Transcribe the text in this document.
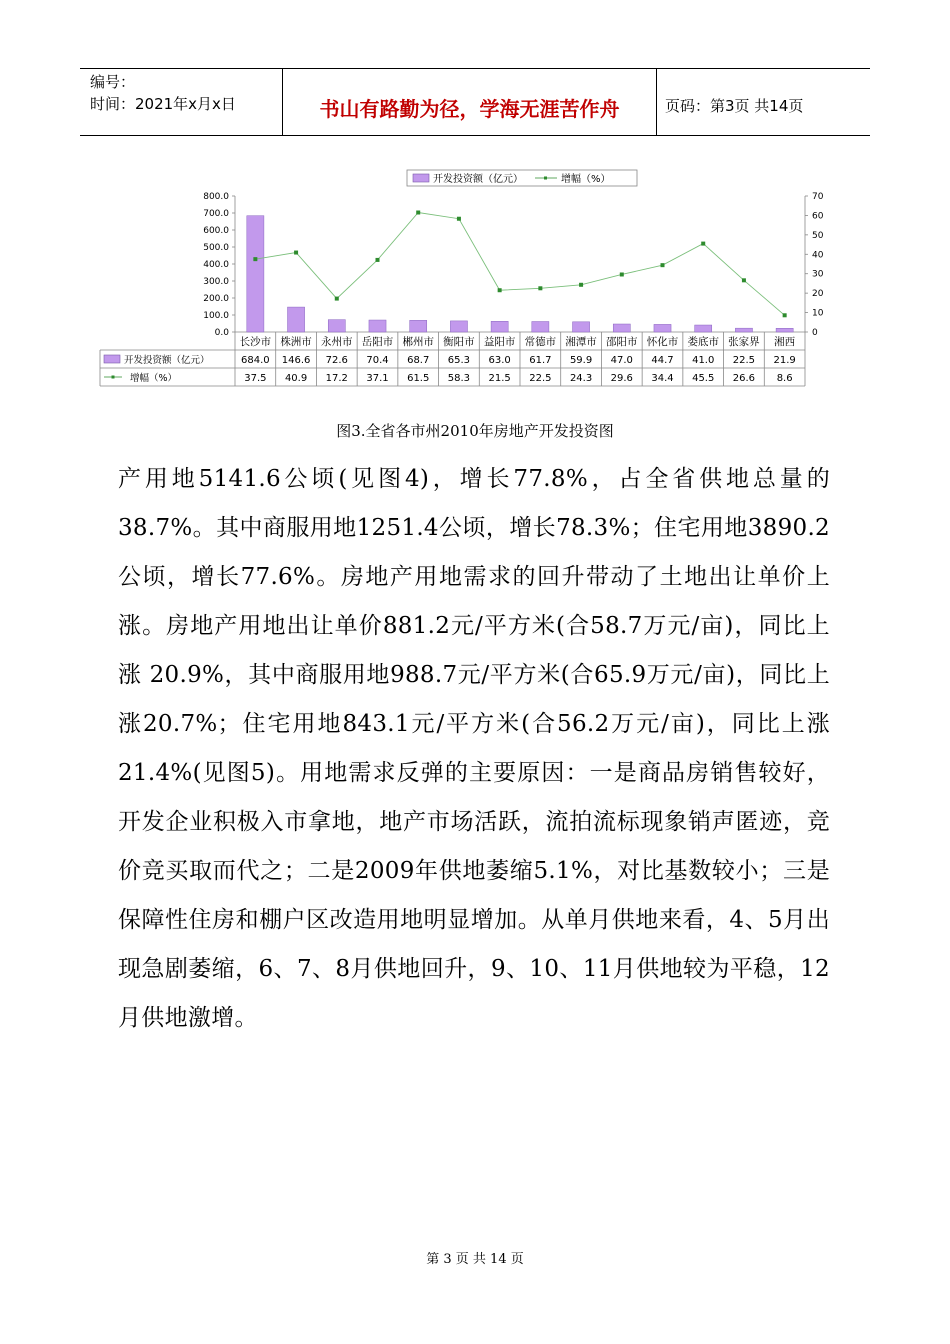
编号：
时间：2021年x月x日	书山有路勤为径，学海无涯苦作舟	页码：第3页 共14页
开发投资额（亿元）	增幅（%）
0.0
100.0
200.0
300.0
400.0
500.0
600.0
700.0
800.0
0
10
20
30
40
50
60
70
长沙市 株洲市 永州市 岳阳市 郴州市 衡阳市 益阳市 常德市 湘潭市 邵阳市 怀化市 娄底市 张家界 湘西
开发投资额（亿元）
增幅（%）
684.0 146.6 72.6 70.4 68.7 65.3 63.0 61.7 59.9 47.0 44.7 41.0 22.5 21.9
37.5 40.9 17.2 37.1 61.5 58.3 21.5 22.5 24.3 29.6 34.4 45.5 26.6 8.6
图3.全省各市州2010年房地产开发投资图

产用地5141.6公顷(见图4)，增长77.8%，占全省供地总量的38.7%。其中商服用地1251.4公顷，增长78.3%；住宅用地3890.2公顷，增长77.6%。房地产用地需求的回升带动了土地出让单价上涨。房地产用地出让单价881.2元/平方米(合58.7万元/亩)，同比上涨 20.9%，其中商服用地988.7元/平方米(合65.9万元/亩)，同比上涨20.7%；住宅用地843.1元/平方米(合56.2万元/亩)，同比上涨21.4%(见图5)。用地需求反弹的主要原因：一是商品房销售较好，开发企业积极入市拿地，地产市场活跃，流拍流标现象销声匿迹，竞价竞买取而代之；二是2009年供地萎缩5.1%，对比基数较小；三是保障性住房和棚户区改造用地明显增加。从单月供地来看，4、5月出现急剧萎缩，6、7、8月供地回升，9、10、11月供地较为平稳，12月供地激增。

第 3 页 共 14 页
